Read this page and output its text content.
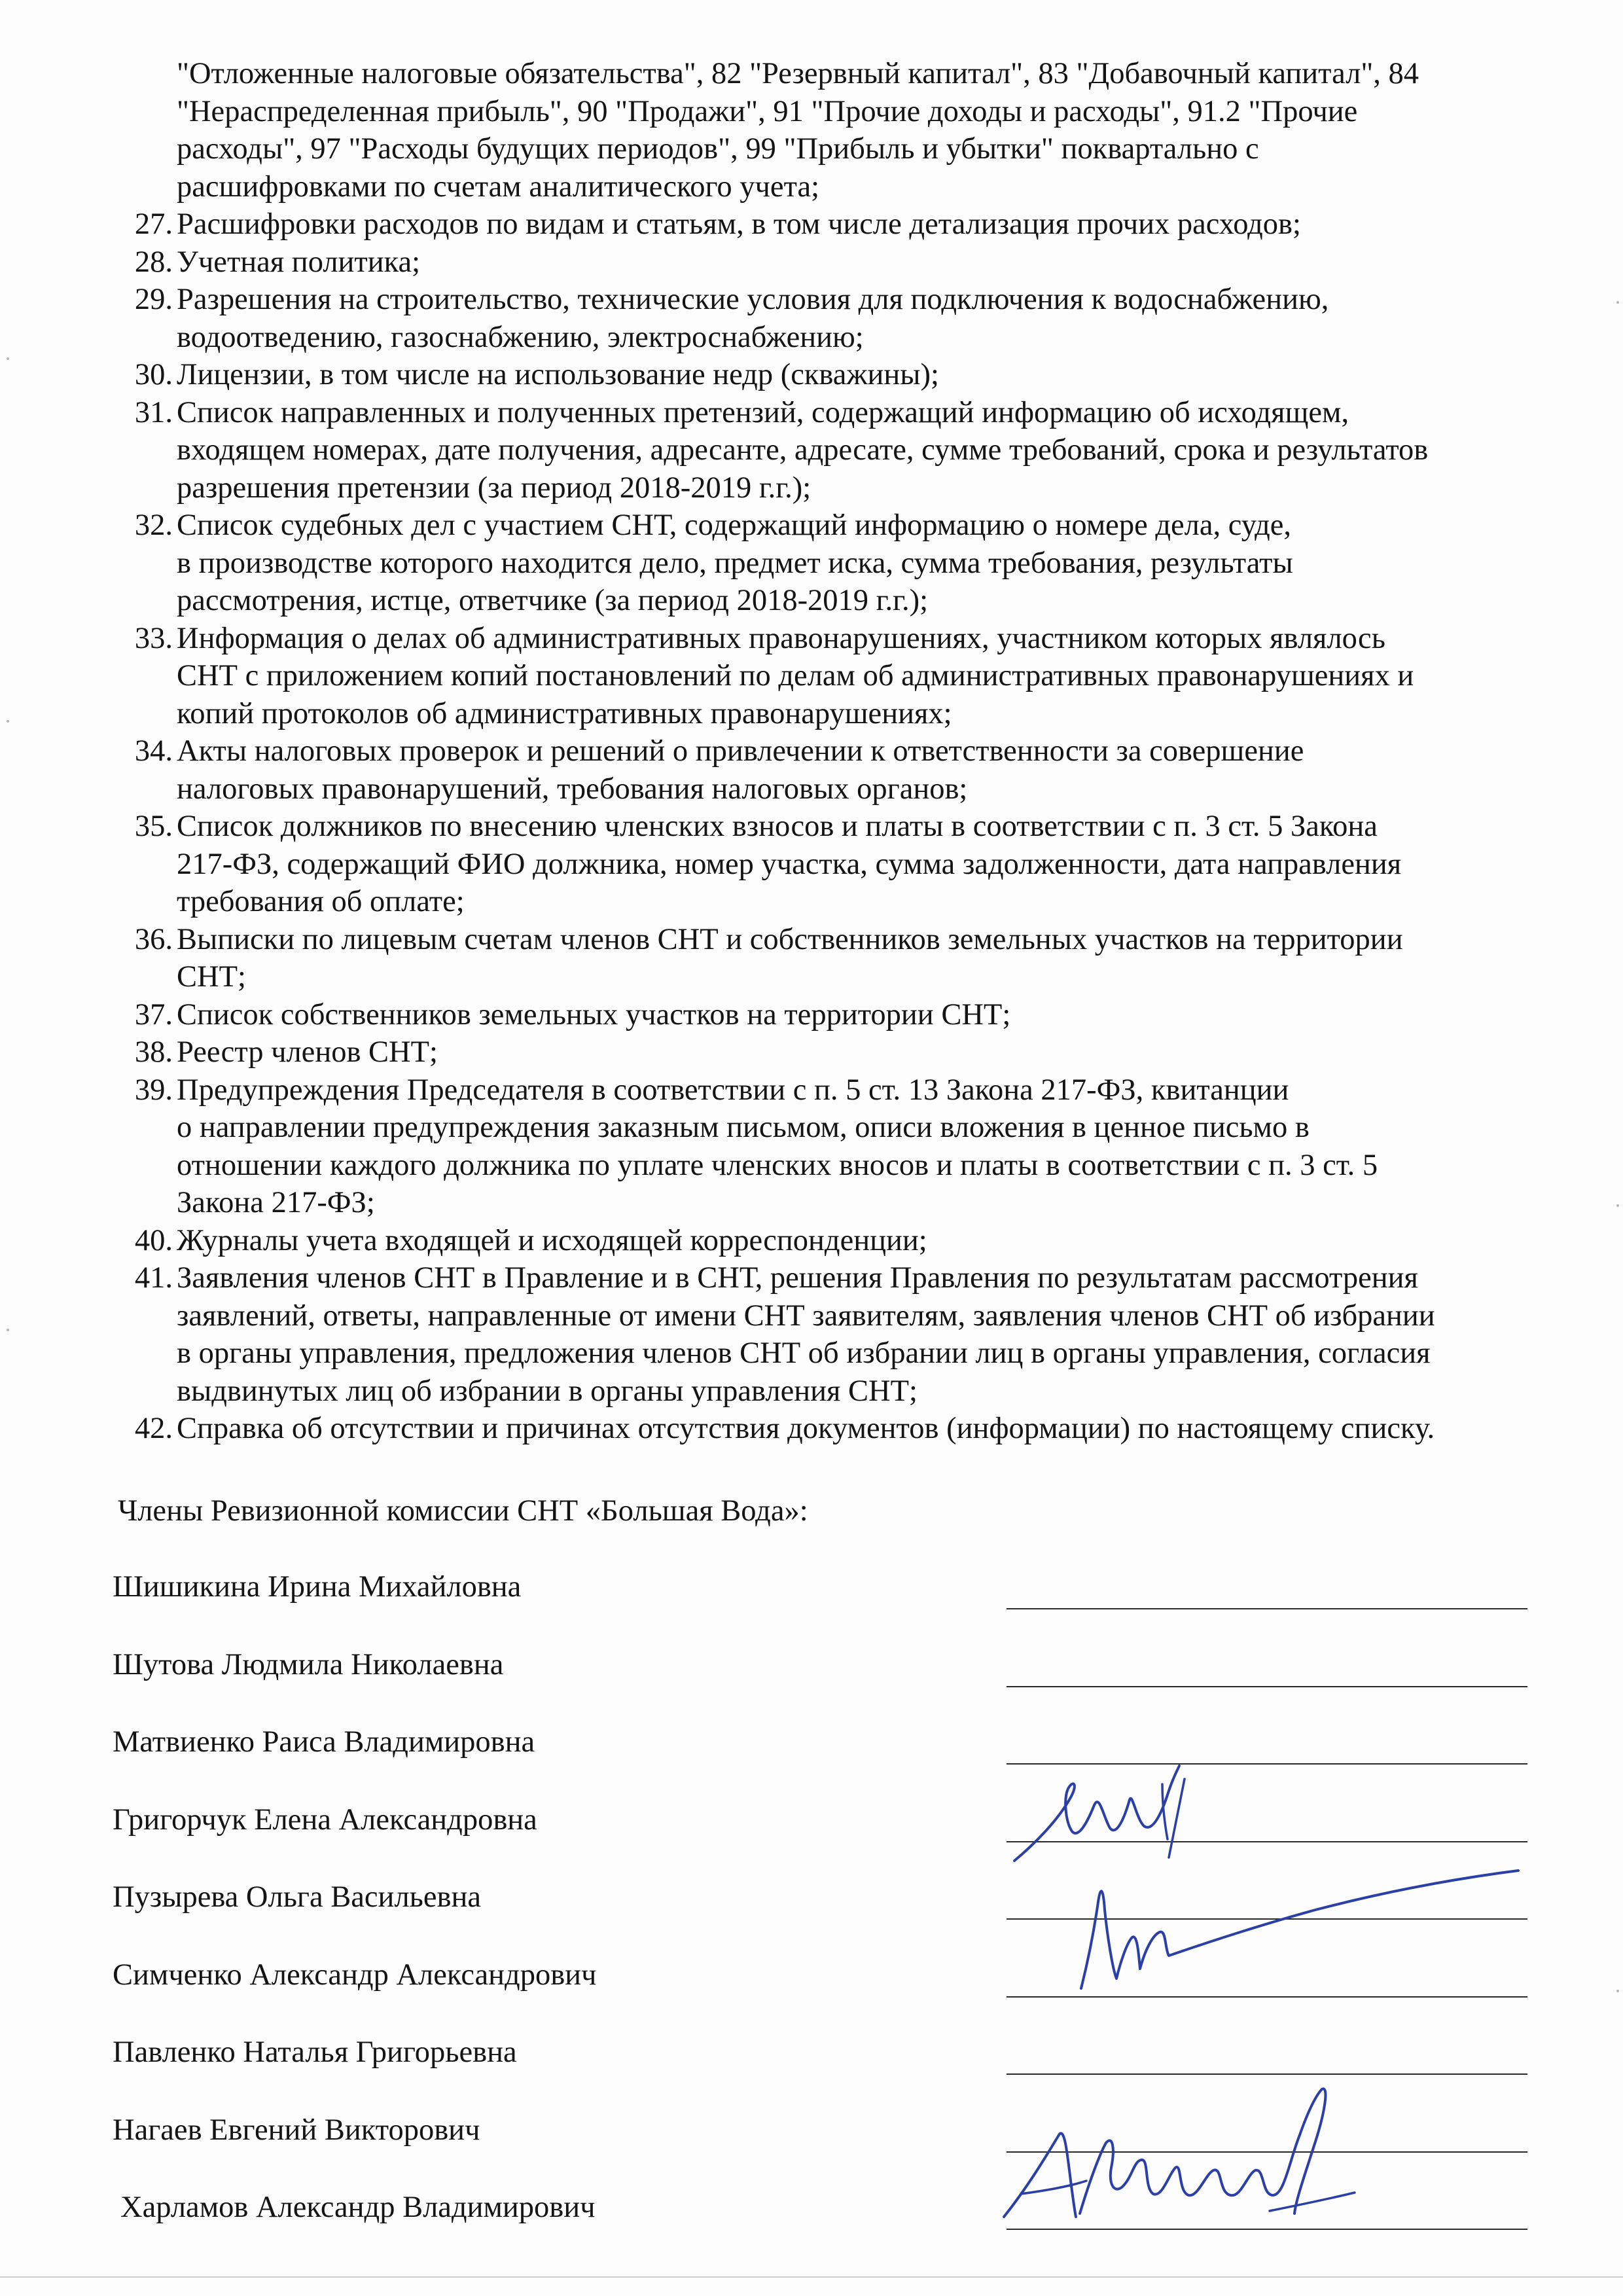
"Отложенные налоговые обязательства", 82 "Резервный капитал", 83 "Добавочный капитал", 84
"Нераспределенная прибыль", 90 "Продажи", 91 "Прочие доходы и расходы", 91.2 "Прочие
расходы", 97 "Расходы будущих периодов", 99 "Прибыль и убытки" поквартально с
расшифровками по счетам аналитического учета;
27. Расшифровки расходов по видам и статьям, в том числе детализация прочих расходов;
28. Учетная политика;
29. Разрешения на строительство, технические условия для подключения к водоснабжению,
водоотведению, газоснабжению, электроснабжению;
30. Лицензии, в том числе на использование недр (скважины);
31. Список направленных и полученных претензий, содержащий информацию об исходящем,
входящем номерах, дате получения, адресанте, адресате, сумме требований, срока и результатов
разрешения претензии (за период 2018-2019 г.г.);
32. Список судебных дел с участием СНТ, содержащий информацию о номере дела, суде,
в производстве которого находится дело, предмет иска, сумма требования, результаты
рассмотрения, истце, ответчике (за период 2018-2019 г.г.);
33. Информация о делах об административных правонарушениях, участником которых являлось
СНТ с приложением копий постановлений по делам об административных правонарушениях и
копий протоколов об административных правонарушениях;
34. Акты налоговых проверок и решений о привлечении к ответственности за совершение
налоговых правонарушений, требования налоговых органов;
35. Список должников по внесению членских взносов и платы в соответствии с п. 3 ст. 5 Закона
217-ФЗ, содержащий ФИО должника, номер участка, сумма задолженности, дата направления
требования об оплате;
36. Выписки по лицевым счетам членов СНТ и собственников земельных участков на территории
СНТ;
37. Список собственников земельных участков на территории СНТ;
38. Реестр членов СНТ;
39. Предупреждения Председателя в соответствии с п. 5 ст. 13 Закона 217-ФЗ, квитанции
о направлении предупреждения заказным письмом, описи вложения в ценное письмо в
отношении каждого должника по уплате членских вносов и платы в соответствии с п. 3 ст. 5
Закона 217-ФЗ;
40. Журналы учета входящей и исходящей корреспонденции;
41. Заявления членов СНТ в Правление и в СНТ, решения Правления по результатам рассмотрения
заявлений, ответы, направленные от имени СНТ заявителям, заявления членов СНТ об избрании
в органы управления, предложения членов СНТ об избрании лиц в органы управления, согласия
выдвинутых лиц об избрании в органы управления СНТ;
42. Справка об отсутствии и причинах отсутствия документов (информации) по настоящему списку.
Члены Ревизионной комиссии СНТ «Большая Вода»:
Шишикина Ирина Михайловна
Шутова Людмила Николаевна
Матвиенко Раиса Владимировна
Григорчук Елена Александровна
Пузырева Ольга Васильевна
Симченко Александр Александрович
Павленко Наталья Григорьевна
Нагаев Евгений Викторович
Харламов Александр Владимирович
